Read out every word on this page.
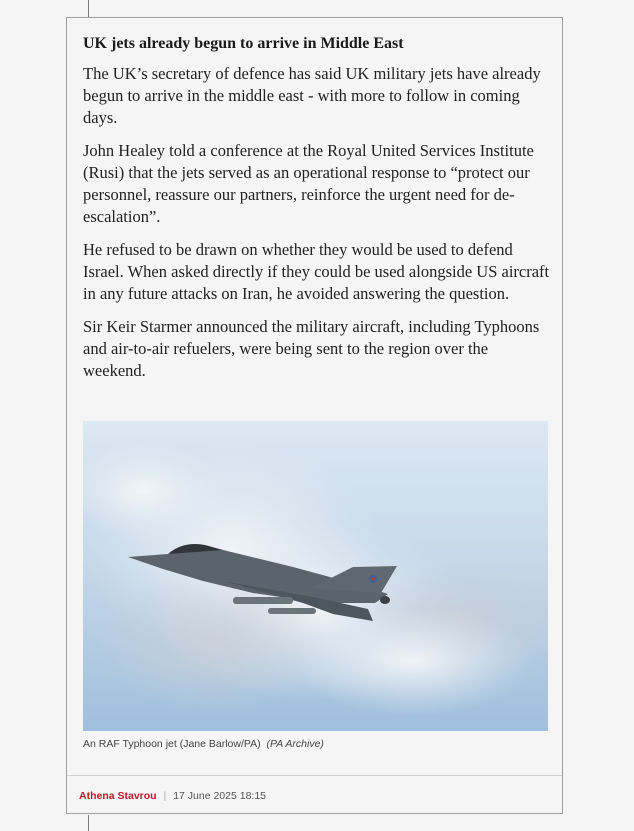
UK jets already begun to arrive in Middle East

The UK’s secretary of defence has said UK military jets have already begun to arrive in the middle east - with more to follow in coming days.

John Healey told a conference at the Royal United Services Institute (Rusi) that the jets served as an operational response to “protect our personnel, reassure our partners, reinforce the urgent need for de-escalation”.

He refused to be drawn on whether they would be used to defend Israel. When asked directly if they could be used alongside US aircraft in any future attacks on Iran, he avoided answering the question.

Sir Keir Starmer announced the military aircraft, including Typhoons and air-to-air refuelers, were being sent to the region over the weekend.

An RAF Typhoon jet (Jane Barlow/PA) (PA Archive)
Athena Stavrou | 17 June 2025 18:15
